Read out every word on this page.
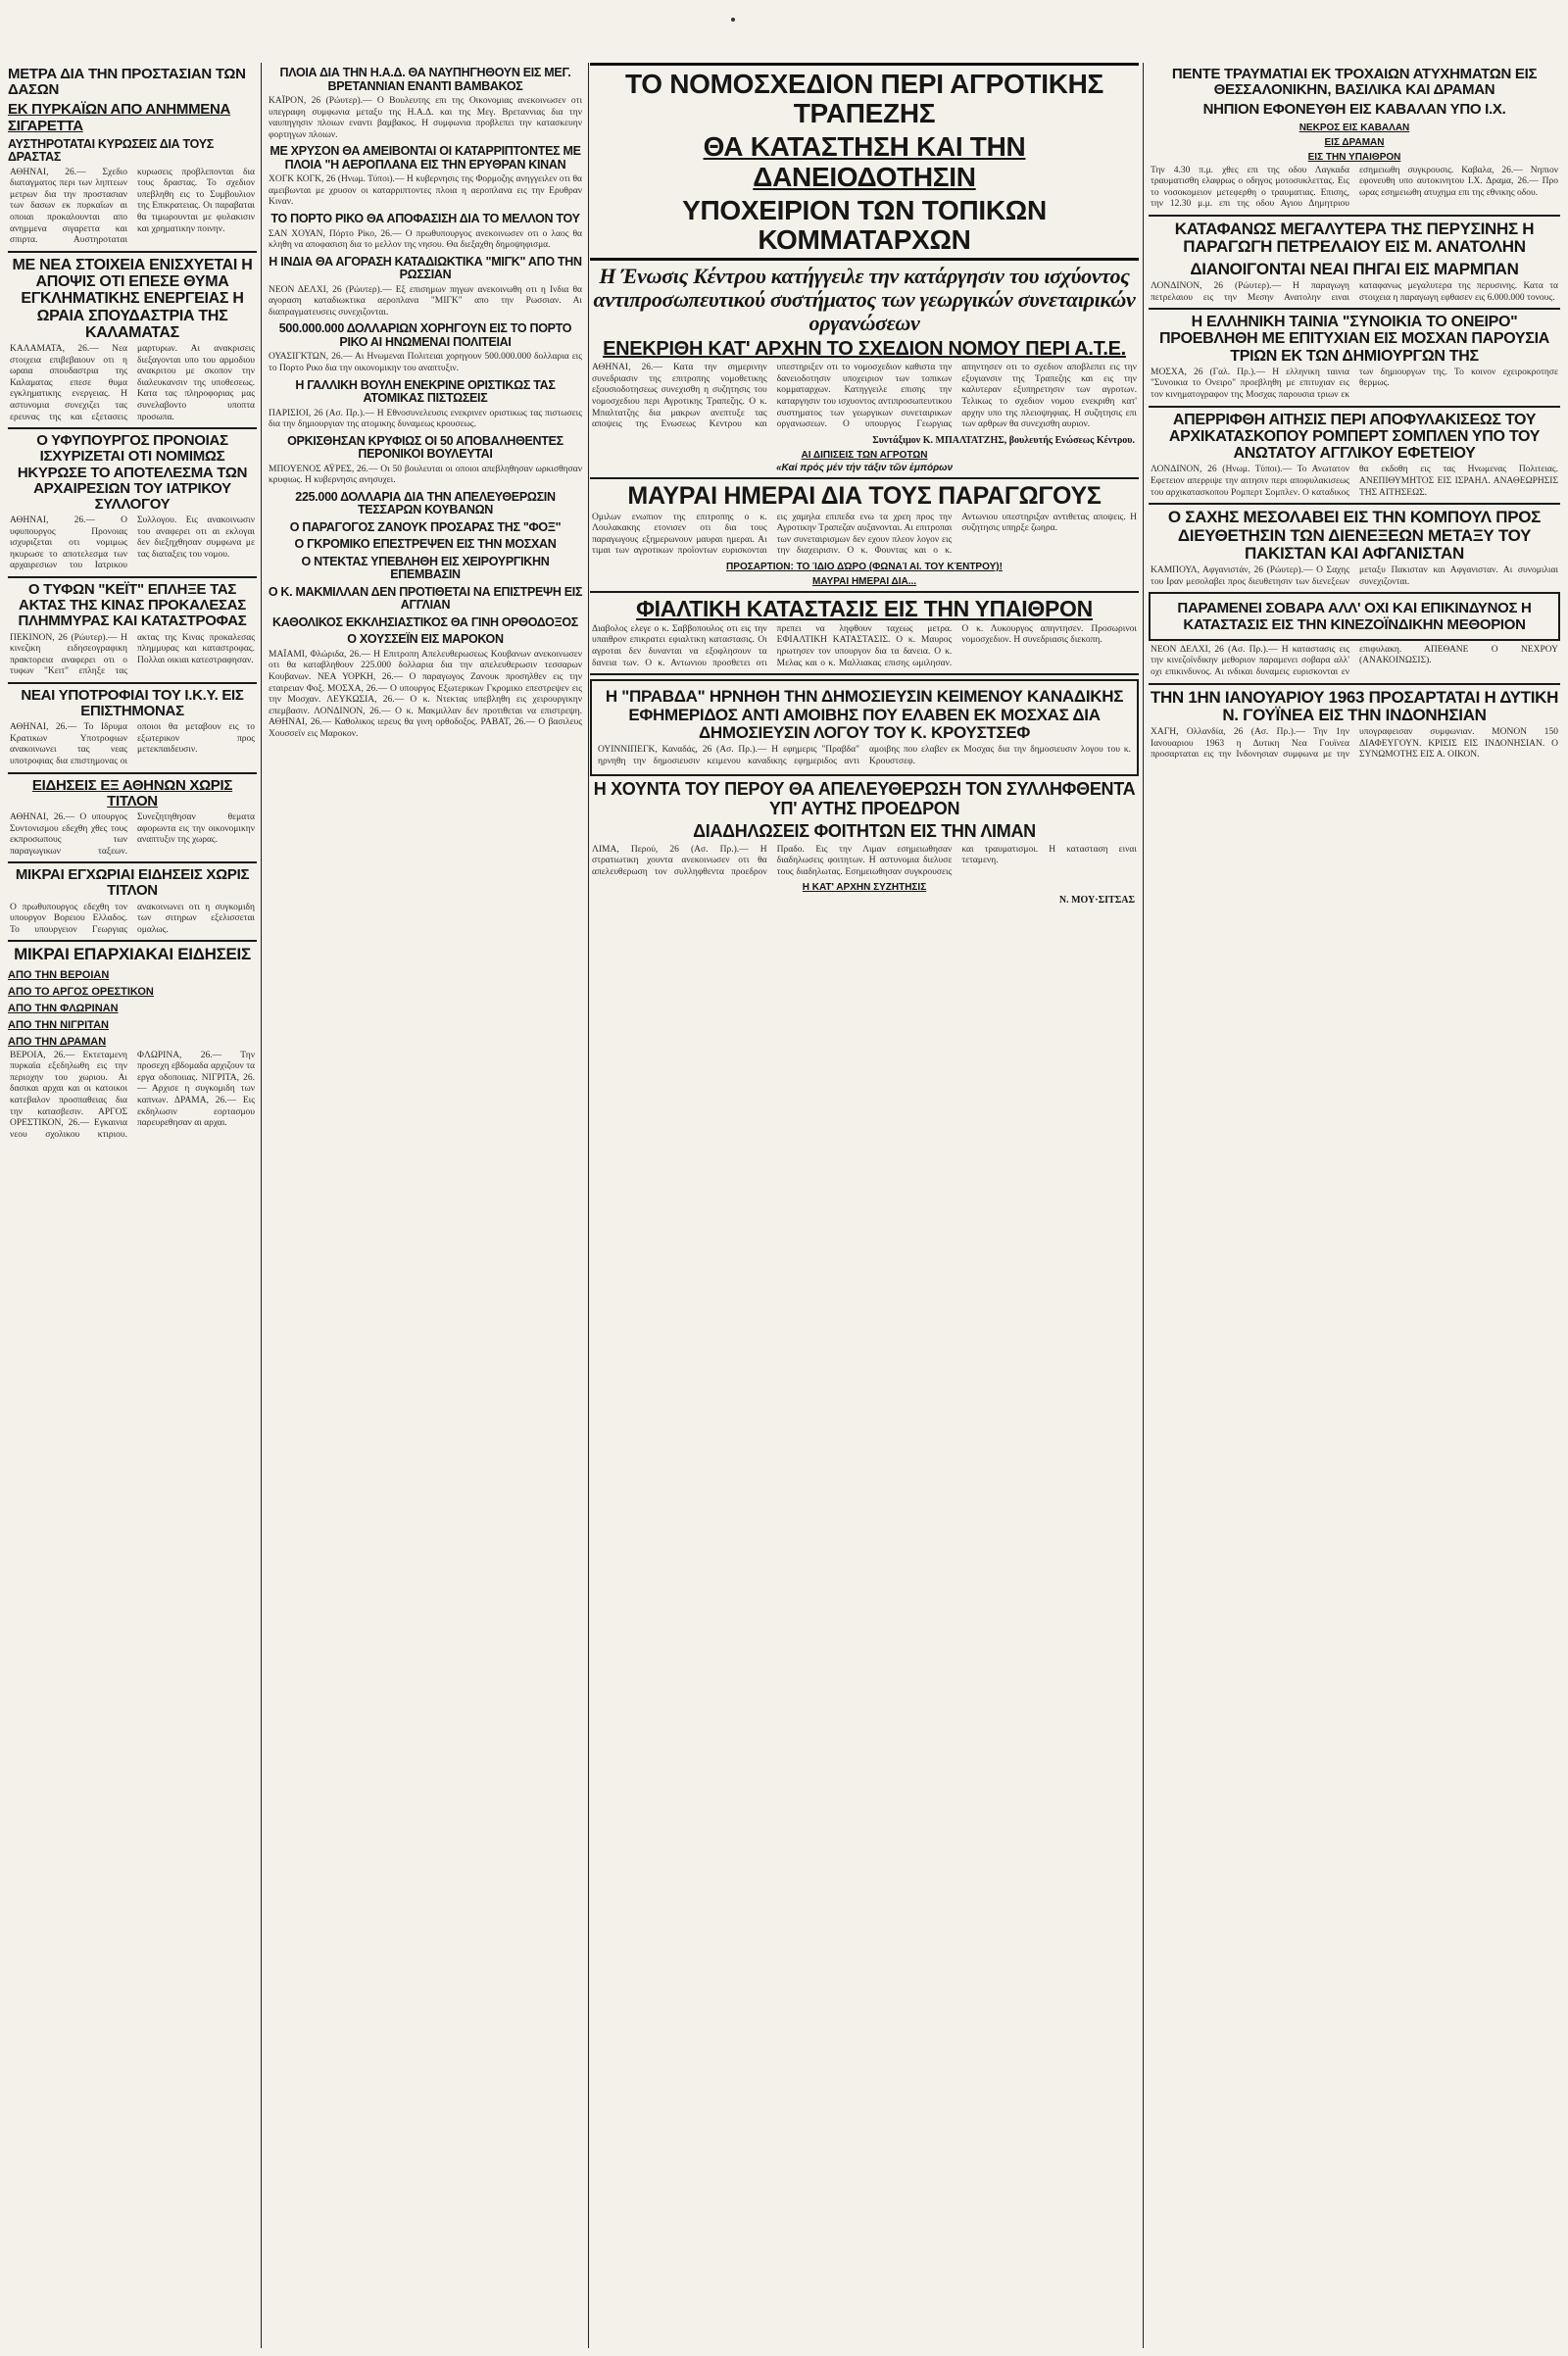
ΜΕΤΡΑ ΔΙΑ ΤΗΝ ΠΡΟΣΤΑΣΙΑΝ ΤΩΝ ΔΑΣΩΝ
ΕΚ ΠΥΡΚΑΪΩΝ ΑΠΟ ΑΝΗΜΜΕΝΑ ΣΙΓΑΡΕΤΤΑ
ΑΥΣΤΗΡΟΤΑΤΑΙ ΚΥΡΩΣΕΙΣ ΔΙΑ ΤΟΥΣ ΔΡΑΣΤΑΣ
ΑΘΗΝΑΙ, 26.— Σχεδιο διαταγματος περι των ληπτεων μετρων δια την προστασιαν των δασων εκ πυρκαΐων αι οποιαι προκαλουνται απο ανημμενα σιγαρεττα και σπιρτα. Αυστηροταται κυρωσεις προβλεπονται δια τους δραστας. Το σχεδιον υπεβληθη εις το Συμβουλιον της Επικρατειας. Οι παραβαται θα τιμωρουνται με φυλακισιν και χρηματικην ποινην.
ΜΕ ΝΕΑ ΣΤΟΙΧΕΙΑ ΕΝΙΣΧΥΕΤΑΙ Η ΑΠΟΨΙΣ ΟΤΙ ΕΠΕΣΕ ΘΥΜΑ ΕΓΚΛΗΜΑΤΙΚΗΣ ΕΝΕΡΓΕΙΑΣ Η ΩΡΑΙΑ ΣΠΟΥΔΑΣΤΡΙΑ ΤΗΣ ΚΑΛΑΜΑΤΑΣ
ΚΑΛΑΜΑΤΑ, 26.— Νεα στοιχεια επιβεβαιουν οτι η ωραια σπουδαστρια της Καλαματας επεσε θυμα εγκληματικης ενεργειας. Η αστυνομια συνεχιζει τας ερευνας της και εξετασεις μαρτυρων. Αι ανακρισεις διεξαγονται υπο του αρμοδιου ανακριτου με σκοπον την διαλευκανσιν της υποθεσεως. Κατα τας πληροφοριας μας συνελαβοντο υποπτα προσωπα.
Ο ΥΦΥΠΟΥΡΓΟΣ ΠΡΟΝΟΙΑΣ ΙΣΧΥΡΙΖΕΤΑΙ ΟΤΙ ΝΟΜΙΜΩΣ ΗΚΥΡΩΣΕ ΤΟ ΑΠΟΤΕΛΕΣΜΑ ΤΩΝ ΑΡΧΑΙΡΕΣΙΩΝ ΤΟΥ ΙΑΤΡΙΚΟΥ ΣΥΛΛΟΓΟΥ
ΑΘΗΝΑΙ, 26.— Ο υφυπουργος Προνοιας ισχυριζεται οτι νομιμως ηκυρωσε το αποτελεσμα των αρχαιρεσιων του Ιατρικου Συλλογου. Εις ανακοινωσιν του αναφερει οτι αι εκλογαι δεν διεξηχθησαν συμφωνα με τας διαταξεις του νομου.
Ο ΤΥΦΩΝ "ΚΕΪΤ" ΕΠΛΗΞΕ ΤΑΣ ΑΚΤΑΣ ΤΗΣ ΚΙΝΑΣ ΠΡΟΚΑΛΕΣΑΣ ΠΛΗΜΜΥΡΑΣ ΚΑΙ ΚΑΤΑΣΤΡΟΦΑΣ
ΠΕΚΙΝΟΝ, 26 (Ρώυτερ).— Η κινεζικη ειδησεογραφικη πρακτορεια αναφερει οτι ο τυφων "Κειτ" επληξε τας ακτας της Κινας προκαλεσας πλημμυρας και καταστροφας. Πολλαι οικιαι κατεστραφησαν.
ΝΕΑΙ ΥΠΟΤΡΟΦΙΑΙ ΤΟΥ Ι.Κ.Υ. ΕΙΣ ΕΠΙΣΤΗΜΟΝΑΣ
ΑΘΗΝΑΙ, 26.— Το Ιδρυμα Κρατικων Υποτροφιων ανακοινωνει τας νεας υποτροφιας δια επιστημονας οι οποιοι θα μεταβουν εις το εξωτερικον προς μετεκπαιδευσιν.
ΕΙΔΗΣΕΙΣ ΕΞ ΑΘΗΝΩΝ ΧΩΡΙΣ ΤΙΤΛΟΝ
ΑΘΗΝΑΙ, 26.— Ο υπουργος Συντονισμου εδεχθη χθες τους εκπροσωπους των παραγωγικων ταξεων. Συνεζητηθησαν θεματα αφορωντα εις την οικονομικην αναπτυξιν της χωρας.
ΜΙΚΡΑΙ ΕΓΧΩΡΙΑΙ ΕΙΔΗΣΕΙΣ ΧΩΡΙΣ ΤΙΤΛΟΝ
Ο πρωθυπουργος εδεχθη τον υπουργον Βορειου Ελλαδος. Το υπουργειον Γεωργιας ανακοινωνει οτι η συγκομιδη των σιτηρων εξελισσεται ομαλως.
ΜΙΚΡΑΙ ΕΠΑΡΧΙΑΚΑΙ ΕΙΔΗΣΕΙΣ
ΑΠΟ ΤΗΝ ΒΕΡΟΙΑΝ
ΑΠΟ ΤΟ ΑΡΓΟΣ ΟΡΕΣΤΙΚΟΝ
ΑΠΟ ΤΗΝ ΦΛΩΡΙΝΑΝ
ΑΠΟ ΤΗΝ ΝΙΓΡΙΤΑΝ
ΑΠΟ ΤΗΝ ΔΡΑΜΑΝ
ΒΕΡΟΙΑ, 26.— Εκτεταμενη πυρκαϊα εξεδηλωθη εις την περιοχην του χωριου. Αι δασικαι αρχαι και οι κατοικοι κατεβαλον προσπαθειας δια την κατασβεσιν. ΑΡΓΟΣ ΟΡΕΣΤΙΚΟΝ, 26.— Εγκαινια νεου σχολικου κτιριου. ΦΛΩΡΙΝΑ, 26.— Την προσεχη εβδομαδα αρχιζουν τα εργα οδοποιιας. ΝΙΓΡΙΤΑ, 26.— Αρχισε η συγκομιδη των καπνων. ΔΡΑΜΑ, 26.— Εις εκδηλωσιν εορτασμου παρευρεθησαν αι αρχαι.
ΠΛΟΙΑ ΔΙΑ ΤΗΝ Η.Α.Δ. ΘΑ ΝΑΥΠΗΓΗΘΟΥΝ ΕΙΣ ΜΕΓ. ΒΡΕΤΑΝΝΙΑΝ ΕΝΑΝΤΙ ΒΑΜΒΑΚΟΣ
ΚΑΪΡΟΝ, 26 (Ρώυτερ).— Ο Βουλευτης επι της Οικονομιας ανεκοινωσεν οτι υπεγραφη συμφωνια μεταξυ της Η.Α.Δ. και της Μεγ. Βρεταννιας δια την ναυπηγησιν πλοιων εναντι βαμβακος. Η συμφωνια προβλεπει την κατασκευην φορτηγων πλοιων.
ΜΕ ΧΡΥΣΟΝ ΘΑ ΑΜΕΙΒΟΝΤΑΙ ΟΙ ΚΑΤΑΡΡΙΠΤΟΝΤΕΣ ΜΕ ΠΛΟΙΑ "Η ΑΕΡΟΠΛΑΝΑ ΕΙΣ ΤΗΝ ΕΡΥΘΡΑΝ ΚΙΝΑΝ
ΧΟΓΚ ΚΟΓΚ, 26 (Ηνωμ. Τύποι).— Η κυβερνησις της Φορμοζης ανηγγειλεν οτι θα αμειβωνται με χρυσον οι καταρριπτοντες πλοια η αεροπλανα εις την Ερυθραν Κιναν.
ΤΟ ΠΟΡΤΟ ΡΙΚΟ ΘΑ ΑΠΟΦΑΣΙΣΗ ΔΙΑ ΤΟ ΜΕΛΛΟΝ ΤΟΥ
ΣΑΝ ΧΟΥΑΝ, Πόρτο Ρίκο, 26.— Ο πρωθυπουργος ανεκοινωσεν οτι ο λαος θα κληθη να αποφασιση δια το μελλον της νησου. Θα διεξαχθη δημοψηφισμα.
Η ΙΝΔΙΑ ΘΑ ΑΓΟΡΑΣΗ ΚΑΤΑΔΙΩΚΤΙΚΑ "ΜΙΓΚ" ΑΠΟ ΤΗΝ ΡΩΣΣΙΑΝ
ΝΕΟΝ ΔΕΛΧΙ, 26 (Ρώυτερ).— Εξ επισημων πηγων ανεκοινωθη οτι η Ινδια θα αγοραση καταδιωκτικα αεροπλανα "ΜΙΓΚ" απο την Ρωσσιαν. Αι διαπραγματευσεις συνεχιζονται.
500.000.000 ΔΟΛΛΑΡΙΩΝ ΧΟΡΗΓΟΥΝ ΕΙΣ ΤΟ ΠΟΡΤΟ ΡΙΚΟ ΑΙ ΗΝΩΜΕΝΑΙ ΠΟΛΙΤΕΙΑΙ
ΟΥΑΣΙΓΚΤΩΝ, 26.— Αι Ηνωμεναι Πολιτειαι χορηγουν 500.000.000 δολλαρια εις το Πορτο Ρικο δια την οικονομικην του αναπτυξιν.
Η ΓΑΛΛΙΚΗ ΒΟΥΛΗ ΕΝΕΚΡΙΝΕ ΟΡΙΣΤΙΚΩΣ ΤΑΣ ΑΤΟΜΙΚΑΣ ΠΙΣΤΩΣΕΙΣ
ΠΑΡΙΣΙΟΙ, 26 (Ασ. Πρ.).— Η Εθνοσυνελευσις ενεκρινεν οριστικως τας πιστωσεις δια την δημιουργιαν της ατομικης δυναμεως κρουσεως.
ΟΡΚΙΣΘΗΣΑΝ ΚΡΥΦΙΩΣ ΟΙ 50 ΑΠΟΒΑΛΗΘΕΝΤΕΣ ΠΕΡΟΝΙΚΟΙ ΒΟΥΛΕΥΤΑΙ
ΜΠΟΥΕΝΟΣ ΑΫΡΕΣ, 26.— Οι 50 βουλευται οι οποιοι απεβληθησαν ωρκισθησαν κρυφιως. Η κυβερνησις ανησυχει.
225.000 ΔΟΛΛΑΡΙΑ ΔΙΑ ΤΗΝ ΑΠΕΛΕΥΘΕΡΩΣΙΝ ΤΕΣΣΑΡΩΝ ΚΟΥΒΑΝΩΝ
Ο ΠΑΡΑΓΟΓΟΣ ΖΑΝΟΥΚ ΠΡΟΣΑΡΑΣ ΤΗΣ "ΦΟΞ"
Ο ΓΚΡΟΜΙΚΟ ΕΠΕΣΤΡΕΨΕΝ ΕΙΣ ΤΗΝ ΜΟΣΧΑΝ
Ο ΝΤΕΚΤΑΣ ΥΠΕΒΛΗΘΗ ΕΙΣ ΧΕΙΡΟΥΡΓΙΚΗΝ ΕΠΕΜΒΑΣΙΝ
Ο Κ. ΜΑΚΜΙΛΛΑΝ ΔΕΝ ΠΡΟΤΙΘΕΤΑΙ ΝΑ ΕΠΙΣΤΡΕΨΗ ΕΙΣ ΑΓΓΛΙΑΝ
ΚΑΘΟΛΙΚΟΣ ΕΚΚΛΗΣΙΑΣΤΙΚΟΣ ΘΑ ΓΙΝΗ ΟΡΘΟΔΟΞΟΣ
Ο ΧΟΥΣΣΕΪΝ ΕΙΣ ΜΑΡΟΚΟΝ
ΜΑΪΑΜΙ, Φλώριδα, 26.— Η Επιτροπη Απελευθερωσεως Κουβανων ανεκοινωσεν οτι θα καταβληθουν 225.000 δολλαρια δια την απελευθερωσιν τεσσαρων Κουβανων. ΝΕΑ ΥΟΡΚΗ, 26.— Ο παραγωγος Ζανουκ προσηλθεν εις την εταιρειαν Φοξ. ΜΟΣΧΑ, 26.— Ο υπουργος Εξωτερικων Γκρομικο επεστρεψεν εις την Μοσχαν. ΛΕΥΚΩΣΙΑ, 26.— Ο κ. Ντεκτας υπεβληθη εις χειρουργικην επεμβασιν. ΛΟΝΔΙΝΟΝ, 26.— Ο κ. Μακμιλλαν δεν προτιθεται να επιστρεψη. ΑΘΗΝΑΙ, 26.— Καθολικος ιερευς θα γινη ορθοδοξος. ΡΑΒΑΤ, 26.— Ο βασιλευς Χουσσεϊν εις Μαροκον.
ΤΟ ΝΟΜΟΣΧΕΔΙΟΝ ΠΕΡΙ ΑΓΡΟΤΙΚΗΣ ΤΡΑΠΕΖΗΣ
ΘΑ ΚΑΤΑΣΤΗΣΗ ΚΑΙ ΤΗΝ ΔΑΝΕΙΟΔΟΤΗΣΙΝ
ΥΠΟΧΕΙΡΙΟΝ ΤΩΝ ΤΟΠΙΚΩΝ ΚΟΜΜΑΤΑΡΧΩΝ
Η Ένωσις Κέντρου κατήγγειλε την κατάργησιν του ισχύοντος αντιπροσωπευτικού συστήματος των γεωργικών συνεταιρικών οργανώσεων
ΕΝΕΚΡΙΘΗ ΚΑΤ' ΑΡΧΗΝ ΤΟ ΣΧΕΔΙΟΝ ΝΟΜΟΥ ΠΕΡΙ Α.Τ.Ε.
ΑΘΗΝΑΙ, 26.— Κατα την σημερινην συνεδριασιν της επιτροπης νομοθετικης εξουσιοδοτησεως συνεχισθη η συζητησις του νομοσχεδιου περι Αγροτικης Τραπεζης. Ο κ. Μπαλτατζης δια μακρων ανεπτυξε τας αποψεις της Ενωσεως Κεντρου και υπεστηριξεν οτι το νομοσχεδιον καθιστα την δανειοδοτησιν υποχειριον των τοπικων κομματαρχων. Κατηγγειλε επισης την καταργησιν του ισχυοντος αντιπροσωπευτικου συστηματος των γεωργικων συνεταιρικων οργανωσεων. Ο υπουργος Γεωργιας απηντησεν οτι το σχεδιον αποβλεπει εις την εξυγιανσιν της Τραπεζης και εις την καλυτεραν εξυπηρετησιν των αγροτων. Τελικως το σχεδιον νομου ενεκριθη κατ' αρχην υπο της πλειοψηφιας. Η συζητησις επι των αρθρων θα συνεχισθη αυριον.
Συντάξιμον Κ. ΜΠΑΛΤΑΤΖΗΣ, βουλευτής Ενώσεως Κέντρου.
ΑΙ ΔΙΠΙΣΕΙΣ ΤΩΝ ΑΓΡΟΤΩΝ
«Καί πρός μέν τήν τάξιν τῶν ἐμπόρων
ΜΑΥΡΑΙ ΗΜΕΡΑΙ ΔΙΑ ΤΟΥΣ ΠΑΡΑΓΩΓΟΥΣ
Ομιλων ενωπιον της επιτροπης ο κ. Λουλακακης ετονισεν οτι δια τους παραγωγους εξημερωνουν μαυραι ημεραι. Αι τιμαι των αγροτικων προϊοντων ευρισκονται εις χαμηλα επιπεδα ενω τα χρεη προς την Αγροτικην Τραπεζαν αυξανονται. Αι επιτροπαι των συνεταιρισμων δεν εχουν πλεον λογον εις την διαχειρισιν. Ο κ. Φουντας και ο κ. Αντωνιου υπεστηριξαν αντιθετας αποψεις. Η συζητησις υπηρξε ζωηρα.
ΠΡΟΣΑΡΤΙΟΝ: ΤΟ ΊΔΙΟ ΔΏΡΟ (ΦΩΝΑΊ ΑΙ. ΤΟΥ ΚΈΝΤΡΟΥ)!
ΜΑΥΡΑΙ ΗΜΕΡΑΙ ΔΙΑ...
ΦΙΑΛΤΙΚΗ ΚΑΤΑΣΤΑΣΙΣ ΕΙΣ ΤΗΝ ΥΠΑΙΘΡΟΝ
Διαβολος ελεγε ο κ. Σαββοπουλος οτι εις την υπαιθρον επικρατει εφιαλτικη καταστασις. Οι αγροται δεν δυνανται να εξοφλησουν τα δανεια των. Ο κ. Αντωνιου προσθετει οτι πρεπει να ληφθουν ταχεως μετρα. ΕΦΙΑΛΤΙΚΗ ΚΑΤΑΣΤΑΣΙΣ. Ο κ. Μαυρος ηρωτησεν τον υπουργον δια τα δανεια. Ο κ. Μελας και ο κ. Μαλλιακας επισης ωμιλησαν. Ο κ. Λυκουργος απηντησεν. Προσωρινοι νομοσχεδιον. Η συνεδριασις διεκοπη.
Η "ΠΡΑΒΔΑ" ΗΡΝΗΘΗ ΤΗΝ ΔΗΜΟΣΙΕΥΣΙΝ ΚΕΙΜΕΝΟΥ ΚΑΝΑΔΙΚΗΣ ΕΦΗΜΕΡΙΔΟΣ ΑΝΤΙ ΑΜΟΙΒΗΣ ΠΟΥ ΕΛΑΒΕΝ ΕΚ ΜΟΣΧΑΣ ΔΙΑ ΔΗΜΟΣΙΕΥΣΙΝ ΛΟΓΟΥ ΤΟΥ Κ. ΚΡΟΥΣΤΣΕΦ
ΟΥΙΝΝΙΠΕΓΚ, Καναδάς, 26 (Ασ. Πρ.).— Η εφημερις "Πραβδα" ηρνηθη την δημοσιευσιν κειμενου καναδικης εφημεριδος αντι αμοιβης που ελαβεν εκ Μοσχας δια την δημοσιευσιν λογου του κ. Κρουστσεφ.
Η ΧΟΥΝΤΑ ΤΟΥ ΠΕΡΟΥ ΘΑ ΑΠΕΛΕΥΘΕΡΩΣΗ ΤΟΝ ΣΥΛΛΗΦΘΕΝΤΑ ΥΠ' ΑΥΤΗΣ ΠΡΟΕΔΡΟΝ
ΔΙΑΔΗΛΩΣΕΙΣ ΦΟΙΤΗΤΩΝ ΕΙΣ ΤΗΝ ΛΙΜΑΝ
ΛΙΜΑ, Περού, 26 (Ασ. Πρ.).— Η στρατιωτικη χουντα ανεκοινωσεν οτι θα απελευθερωση τον συλληφθεντα προεδρον Πραδο. Εις την Λιμαν εσημειωθησαν διαδηλωσεις φοιτητων. Η αστυνομια διελυσε τους διαδηλωτας. Εσημειωθησαν συγκρουσεις και τραυματισμοι. Η κατασταση ειναι τεταμενη.
Η ΚΑΤ' ΑΡΧΗΝ ΣΥΖΗΤΗΣΙΣ
Ν. ΜΟΥ·ΣΙΤΣΑΣ
ΠΕΝΤΕ ΤΡΑΥΜΑΤΙΑΙ ΕΚ ΤΡΟΧΑΙΩΝ ΑΤΥΧΗΜΑΤΩΝ ΕΙΣ ΘΕΣΣΑΛΟΝΙΚΗΝ, ΒΑΣΙΛΙΚΑ ΚΑΙ ΔΡΑΜΑΝ
ΝΗΠΙΟΝ ΕΦΟΝΕΥΘΗ ΕΙΣ ΚΑΒΑΛΑΝ ΥΠΟ Ι.Χ.
ΝΕΚΡΟΣ ΕΙΣ ΚΑΒΑΛΑΝ
ΕΙΣ ΔΡΑΜΑΝ
ΕΙΣ ΤΗΝ ΥΠΑΙΘΡΟΝ
Την 4.30 π.μ. χθες επι της οδου Λαγκαδα τραυματισθη ελαφρως ο οδηγος μοτοσυκλεττας. Εις το νοσοκομειον μετεφερθη ο τραυματιας. Επισης, την 12.30 μ.μ. επι της οδου Αγιου Δημητριου εσημειωθη συγκρουσις. Καβαλα, 26.— Νηπιον εφονευθη υπο αυτοκινητου Ι.Χ. Δραμα, 26.— Προ ωρας εσημειωθη ατυχημα επι της εθνικης οδου.
ΚΑΤΑΦΑΝΩΣ ΜΕΓΑΛΥΤΕΡΑ ΤΗΣ ΠΕΡΥΣΙΝΗΣ Η ΠΑΡΑΓΩΓΗ ΠΕΤΡΕΛΑΙΟΥ ΕΙΣ Μ. ΑΝΑΤΟΛΗΝ
ΔΙΑΝΟΙΓΟΝΤΑΙ ΝΕΑΙ ΠΗΓΑΙ ΕΙΣ ΜΑΡΜΠΑΝ
ΛΟΝΔΙΝΟΝ, 26 (Ρώυτερ).— Η παραγωγη πετρελαιου εις την Μεσην Ανατολην ειναι καταφανως μεγαλυτερα της περυσινης. Κατα τα στοιχεια η παραγωγη εφθασεν εις 6.000.000 τονους.
Η ΕΛΛΗΝΙΚΗ ΤΑΙΝΙΑ "ΣΥΝΟΙΚΙΑ ΤΟ ΟΝΕΙΡΟ" ΠΡΟΕΒΛΗΘΗ ΜΕ ΕΠΙΤΥΧΙΑΝ ΕΙΣ ΜΟΣΧΑΝ ΠΑΡΟΥΣΙΑ ΤΡΙΩΝ ΕΚ ΤΩΝ ΔΗΜΙΟΥΡΓΩΝ ΤΗΣ
ΜΟΣΧΑ, 26 (Γαλ. Πρ.).— Η ελληνικη ταινια "Συνοικια το Ονειρο" προεβληθη με επιτυχιαν εις τον κινηματογραφον της Μοσχας παρουσια τριων εκ των δημιουργων της. Το κοινον εχειροκροτησε θερμως.
ΑΠΕΡΡΙΦΘΗ ΑΙΤΗΣΙΣ ΠΕΡΙ ΑΠΟΦΥΛΑΚΙΣΕΩΣ ΤΟΥ ΑΡΧΙΚΑΤΑΣΚΟΠΟΥ ΡΟΜΠΕΡΤ ΣΟΜΠΛΕΝ ΥΠΟ ΤΟΥ ΑΝΩΤΑΤΟΥ ΑΓΓΛΙΚΟΥ ΕΦΕΤΕΙΟΥ
ΛΟΝΔΙΝΟΝ, 26 (Ηνωμ. Τύποι).— Το Ανωτατον Εφετειον απερριψε την αιτησιν περι αποφυλακισεως του αρχικατασκοπου Ρομπερτ Σομπλεν. Ο καταδικος θα εκδοθη εις τας Ηνωμενας Πολιτειας. ΑΝΕΠΙΘΥΜΗΤΟΣ ΕΙΣ ΙΣΡΑΗΛ. ΑΝΑΘΕΩΡΗΣΙΣ ΤΗΣ ΑΙΤΗΣΕΩΣ.
Ο ΣΑΧΗΣ ΜΕΣΟΛΑΒΕΙ ΕΙΣ ΤΗΝ ΚΟΜΠΟΥΛ ΠΡΟΣ ΔΙΕΥΘΕΤΗΣΙΝ ΤΩΝ ΔΙΕΝΕΞΕΩΝ ΜΕΤΑΞΥ ΤΟΥ ΠΑΚΙΣΤΑΝ ΚΑΙ ΑΦΓΑΝΙΣΤΑΝ
ΚΑΜΠΟΥΛ, Αφγανιστάν, 26 (Ρώυτερ).— Ο Σαχης του Ιραν μεσολαβει προς διευθετησιν των διενεξεων μεταξυ Πακισταν και Αφγανισταν. Αι συνομιλιαι συνεχιζονται.
ΠΑΡΑΜΕΝΕΙ ΣΟΒΑΡΑ ΑΛΛ' ΟΧΙ ΚΑΙ ΕΠΙΚΙΝΔΥΝΟΣ Η ΚΑΤΑΣΤΑΣΙΣ ΕΙΣ ΤΗΝ ΚΙΝΕΖΟΪΝΔΙΚΗΝ ΜΕΘΟΡΙΟΝ
ΝΕΟΝ ΔΕΛΧΙ, 26 (Ασ. Πρ.).— Η καταστασις εις την κινεζοϊνδικην μεθοριον παραμενει σοβαρα αλλ' οχι επικινδυνος. Αι ινδικαι δυναμεις ευρισκονται εν επιφυλακη. ΑΠΕΘΑΝΕ Ο ΝΕΧΡΟΥ (ΑΝΑΚΟΙΝΩΣΙΣ).
ΤΗΝ 1ΗΝ ΙΑΝΟΥΑΡΙΟΥ 1963 ΠΡΟΣΑΡΤΑΤΑΙ Η ΔΥΤΙΚΗ Ν. ΓΟΥΪΝΕΑ ΕΙΣ ΤΗΝ ΙΝΔΟΝΗΣΙΑΝ
ΧΑΓΗ, Ολλανδία, 26 (Ασ. Πρ.).— Την 1ην Ιανουαριου 1963 η Δυτικη Νεα Γουϊνεα προσαρταται εις την Ινδονησιαν συμφωνα με την υπογραφεισαν συμφωνιαν. ΜΟΝΟΝ 150 ΔΙΑΦΕΥΓΟΥΝ. ΚΡΙΣΙΣ ΕΙΣ ΙΝΔΟΝΗΣΙΑΝ. Ο ΣΥΝΩΜΟΤΗΣ ΕΙΣ Α. ΟΙΚΟΝ.
